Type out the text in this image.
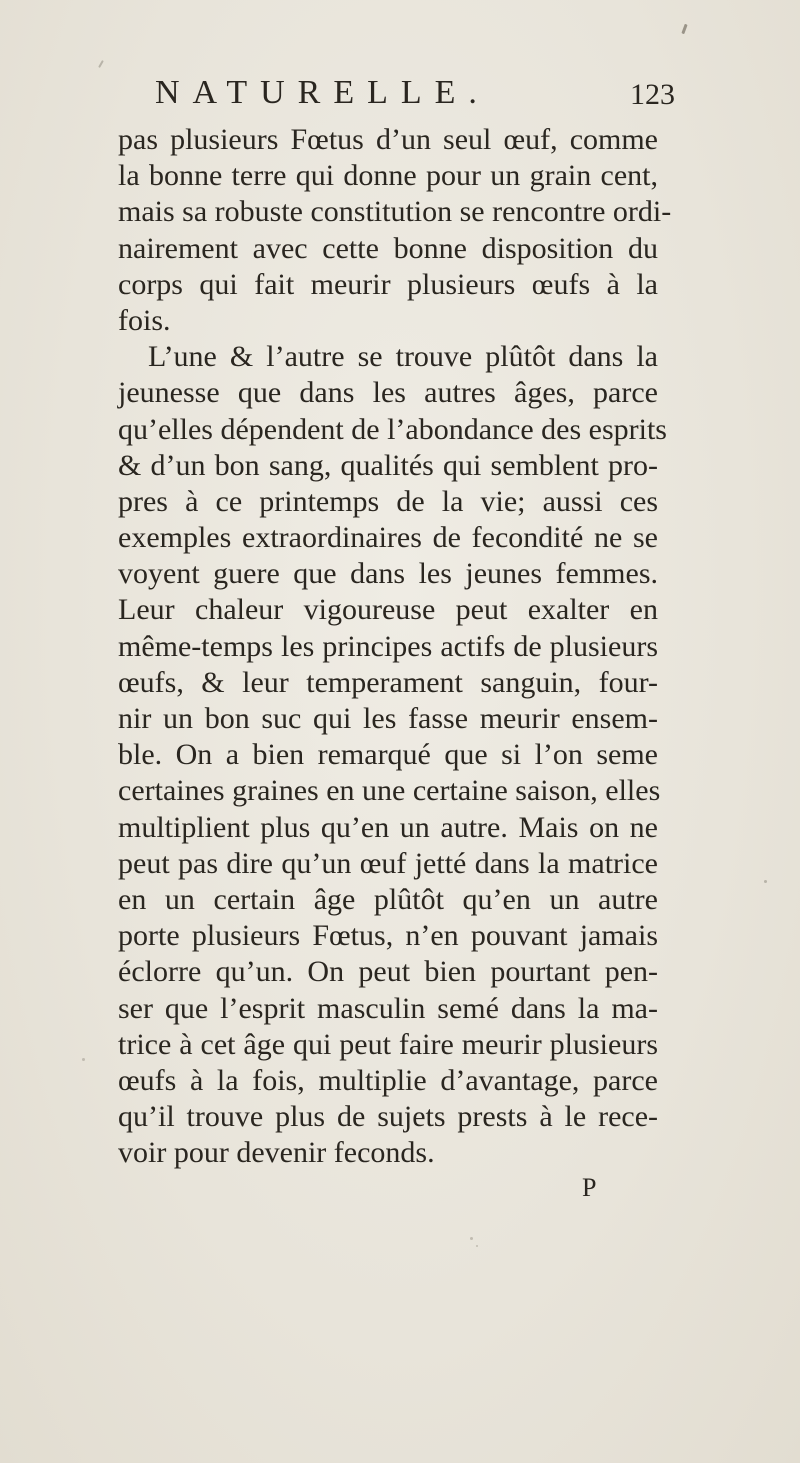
NATURELLE.	123
pas plusieurs Fœtus d’un seul œuf, comme
la bonne terre qui donne pour un grain cent,
mais sa robuste constitution se rencontre ordi-
nairement avec cette bonne disposition du
corps qui fait meurir plusieurs œufs à la
fois.
L’une & l’autre se trouve plûtôt dans la
jeunesse que dans les autres âges, parce
qu’elles dépendent de l’abondance des esprits
& d’un bon sang, qualités qui semblent pro-
pres à ce printemps de la vie; aussi ces
exemples extraordinaires de fecondité ne se
voyent guere que dans les jeunes femmes.
Leur chaleur vigoureuse peut exalter en
même-temps les principes actifs de plusieurs
œufs, & leur temperament sanguin, four-
nir un bon suc qui les fasse meurir ensem-
ble. On a bien remarqué que si l’on seme
certaines graines en une certaine saison, elles
multiplient plus qu’en un autre. Mais on ne
peut pas dire qu’un œuf jetté dans la matrice
en un certain âge plûtôt qu’en un autre
porte plusieurs Fœtus, n’en pouvant jamais
éclorre qu’un. On peut bien pourtant pen-
ser que l’esprit masculin semé dans la ma-
trice à cet âge qui peut faire meurir plusieurs
œufs à la fois, multiplie d’avantage, parce
qu’il trouve plus de sujets prests à le rece-
voir pour devenir feconds.
P
